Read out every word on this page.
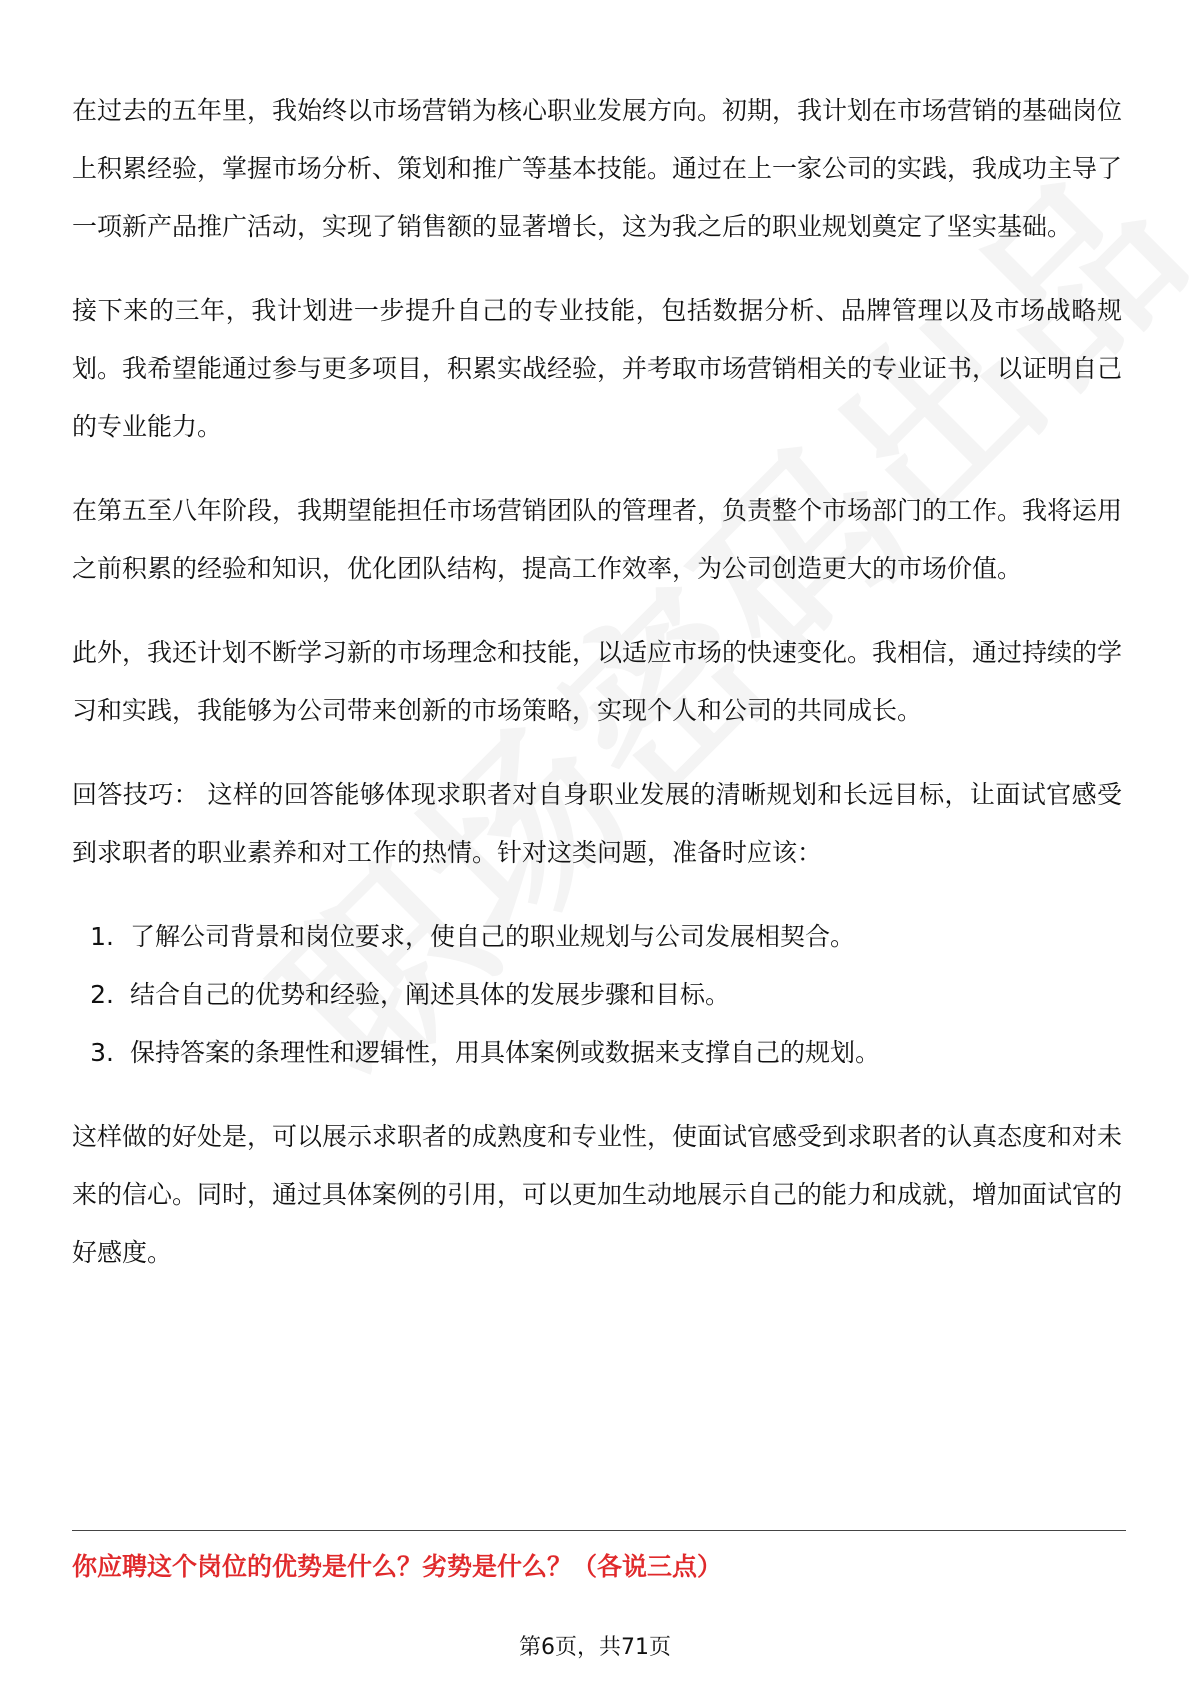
在过去的五年里，我始终以市场营销为核心职业发展方向。初期，我计划在市场营销的基础岗位上积累经验，掌握市场分析、策划和推广等基本技能。通过在上一家公司的实践，我成功主导了一项新产品推广活动，实现了销售额的显著增长，这为我之后的职业规划奠定了坚实基础。

接下来的三年，我计划进一步提升自己的专业技能，包括数据分析、品牌管理以及市场战略规划。我希望能通过参与更多项目，积累实战经验，并考取市场营销相关的专业证书，以证明自己的专业能力。

在第五至八年阶段，我期望能担任市场营销团队的管理者，负责整个市场部门的工作。我将运用之前积累的经验和知识，优化团队结构，提高工作效率，为公司创造更大的市场价值。

此外，我还计划不断学习新的市场理念和技能，以适应市场的快速变化。我相信，通过持续的学习和实践，我能够为公司带来创新的市场策略，实现个人和公司的共同成长。

回答技巧： 这样的回答能够体现求职者对自身职业发展的清晰规划和长远目标，让面试官感受到求职者的职业素养和对工作的热情。针对这类问题，准备时应该：

1. 了解公司背景和岗位要求，使自己的职业规划与公司发展相契合。
2. 结合自己的优势和经验，阐述具体的发展步骤和目标。
3. 保持答案的条理性和逻辑性，用具体案例或数据来支撑自己的规划。

这样做的好处是，可以展示求职者的成熟度和专业性，使面试官感受到求职者的认真态度和对未来的信心。同时，通过具体案例的引用，可以更加生动地展示自己的能力和成就，增加面试官的好感度。

你应聘这个岗位的优势是什么？劣势是什么？（各说三点）
第6页，共71页
